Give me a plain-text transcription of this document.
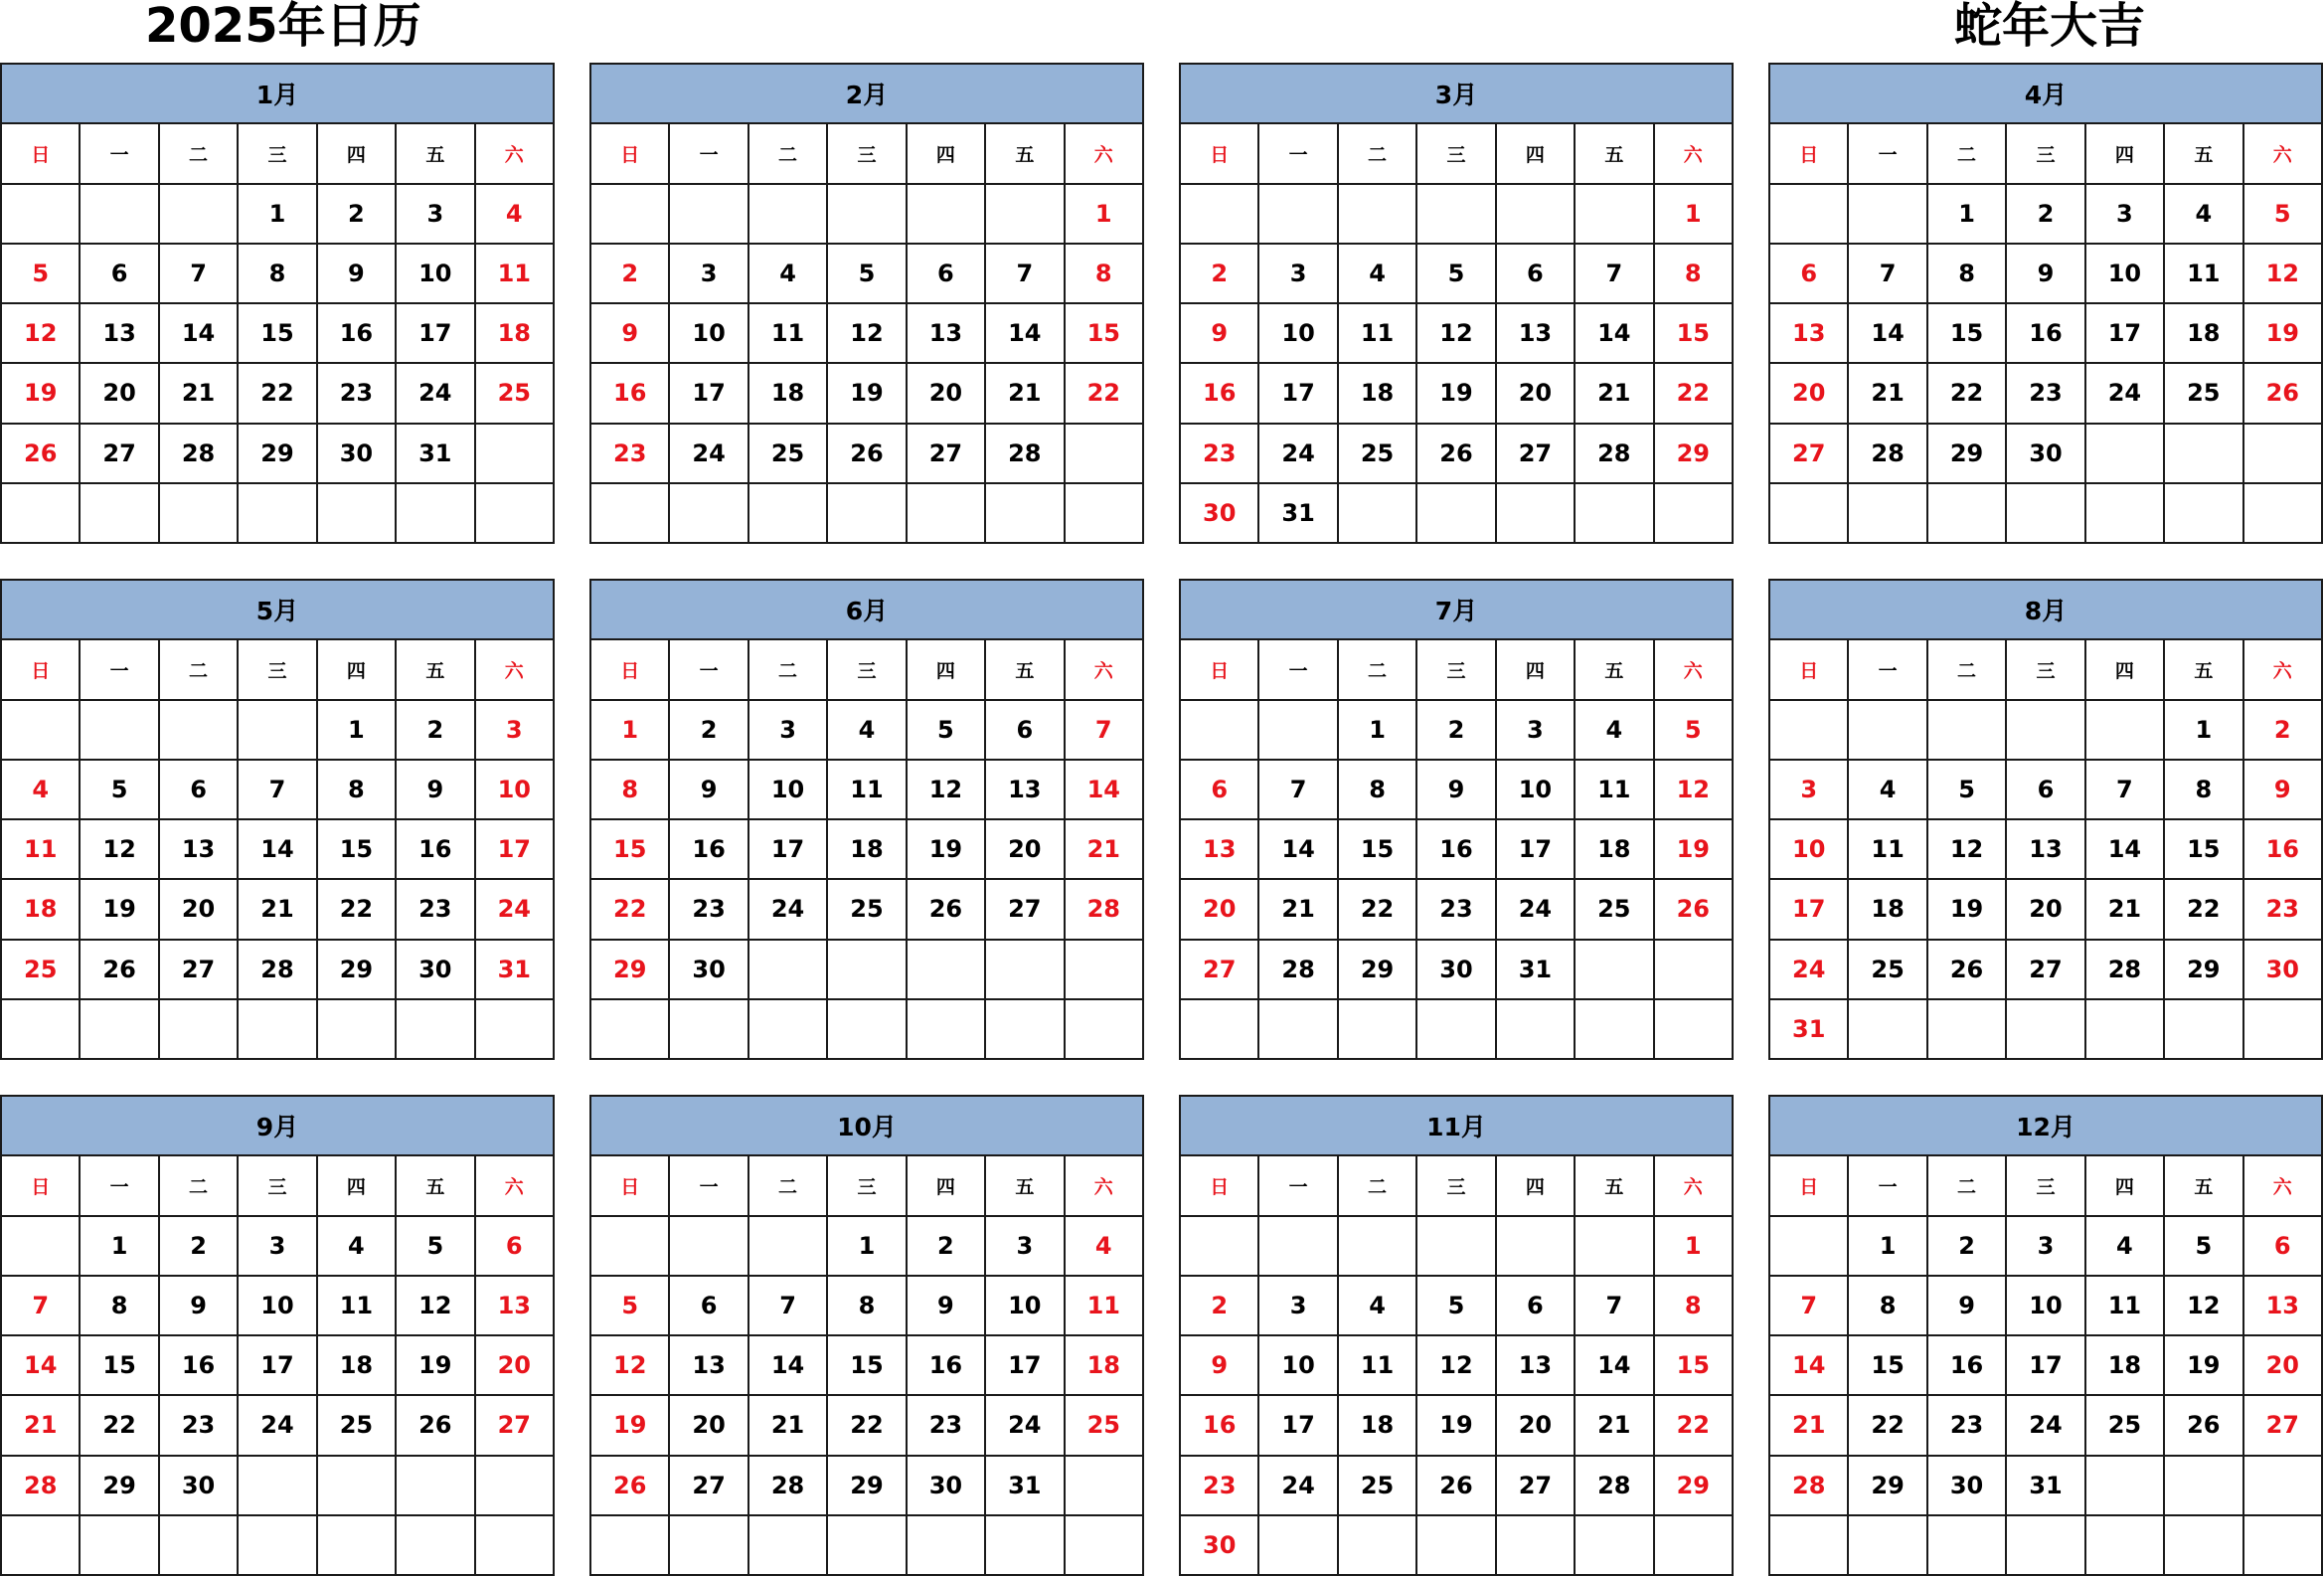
2025年日历	蛇年大吉
1月						
日	一	二	三	四	五	六
			1	2	3	4
5	6	7	8	9	10	11
12	13	14	15	16	17	18
19	20	21	22	23	24	25
26	27	28	29	30	31	

2月						
日	一	二	三	四	五	六
						1
2	3	4	5	6	7	8
9	10	11	12	13	14	15
16	17	18	19	20	21	22
23	24	25	26	27	28	

3月						
日	一	二	三	四	五	六
						1
2	3	4	5	6	7	8
9	10	11	12	13	14	15
16	17	18	19	20	21	22
23	24	25	26	27	28	29
30	31					
4月						
日	一	二	三	四	五	六
		1	2	3	4	5
6	7	8	9	10	11	12
13	14	15	16	17	18	19
20	21	22	23	24	25	26
27	28	29	30			

5月						
日	一	二	三	四	五	六
				1	2	3
4	5	6	7	8	9	10
11	12	13	14	15	16	17
18	19	20	21	22	23	24
25	26	27	28	29	30	31

6月						
日	一	二	三	四	五	六
1	2	3	4	5	6	7
8	9	10	11	12	13	14
15	16	17	18	19	20	21
22	23	24	25	26	27	28
29	30					

7月						
日	一	二	三	四	五	六
		1	2	3	4	5
6	7	8	9	10	11	12
13	14	15	16	17	18	19
20	21	22	23	24	25	26
27	28	29	30	31		

8月						
日	一	二	三	四	五	六
					1	2
3	4	5	6	7	8	9
10	11	12	13	14	15	16
17	18	19	20	21	22	23
24	25	26	27	28	29	30
31						
9月						
日	一	二	三	四	五	六
	1	2	3	4	5	6
7	8	9	10	11	12	13
14	15	16	17	18	19	20
21	22	23	24	25	26	27
28	29	30				

10月						
日	一	二	三	四	五	六
			1	2	3	4
5	6	7	8	9	10	11
12	13	14	15	16	17	18
19	20	21	22	23	24	25
26	27	28	29	30	31	

11月						
日	一	二	三	四	五	六
						1
2	3	4	5	6	7	8
9	10	11	12	13	14	15
16	17	18	19	20	21	22
23	24	25	26	27	28	29
30						
12月						
日	一	二	三	四	五	六
	1	2	3	4	5	6
7	8	9	10	11	12	13
14	15	16	17	18	19	20
21	22	23	24	25	26	27
28	29	30	31			
